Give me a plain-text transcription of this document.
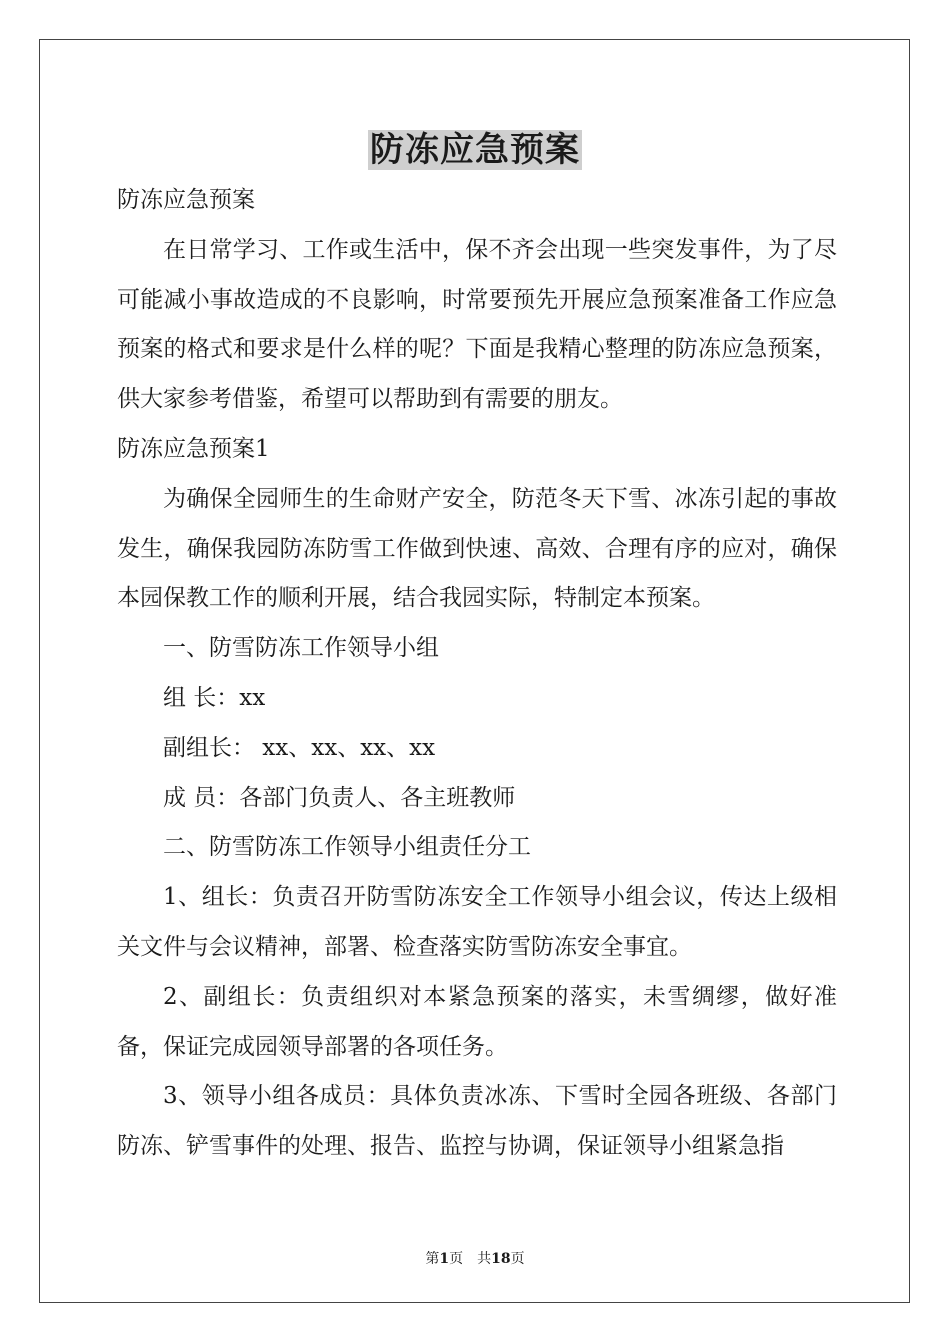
防冻应急预案

防冻应急预案

在日常学习、工作或生活中，保不齐会出现一些突发事件，为了尽可能减小事故造成的不良影响，时常要预先开展应急预案准备工作应急预案的格式和要求是什么样的呢？下面是我精心整理的防冻应急预案，供大家参考借鉴，希望可以帮助到有需要的朋友。

防冻应急预案1

为确保全园师生的生命财产安全，防范冬天下雪、冰冻引起的事故发生，确保我园防冻防雪工作做到快速、高效、合理有序的应对，确保本园保教工作的顺利开展，结合我园实际，特制定本预案。

一、防雪防冻工作领导小组

组 长：xx

副组长： xx、xx、xx、xx

成 员：各部门负责人、各主班教师

二、防雪防冻工作领导小组责任分工

1、组长：负责召开防雪防冻安全工作领导小组会议，传达上级相关文件与会议精神，部署、检查落实防雪防冻安全事宜。

2、副组长：负责组织对本紧急预案的落实，未雪绸缪，做好准备，保证完成园领导部署的各项任务。

3、领导小组各成员：具体负责冰冻、下雪时全园各班级、各部门防冻、铲雪事件的处理、报告、监控与协调，保证领导小组紧急指

第1页　共18页
